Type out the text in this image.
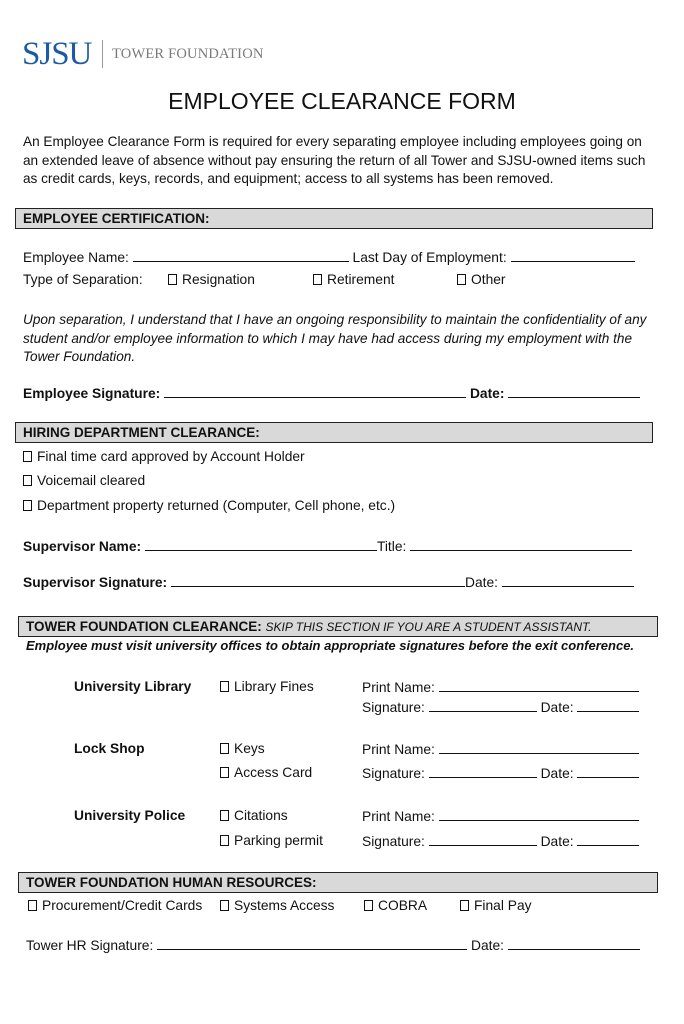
SJSU TOWER FOUNDATION
EMPLOYEE CLEARANCE FORM
An Employee Clearance Form is required for every separating employee including employees going on an extended leave of absence without pay ensuring the return of all Tower and SJSU-owned items such as credit cards, keys, records, and equipment; access to all systems has been removed.
EMPLOYEE CERTIFICATION:
Employee Name:	Last Day of Employment:
Type of Separation:	Resignation	Retirement	Other
Upon separation, I understand that I have an ongoing responsibility to maintain the confidentiality of any student and/or employee information to which I may have had access during my employment with the Tower Foundation.
Employee Signature:	Date:
HIRING DEPARTMENT CLEARANCE:
Final time card approved by Account Holder
Voicemail cleared
Department property returned (Computer, Cell phone, etc.)
Supervisor Name:	Title:
Supervisor Signature:	Date:
TOWER FOUNDATION CLEARANCE: SKIP THIS SECTION IF YOU ARE A STUDENT ASSISTANT.
Employee must visit university offices to obtain appropriate signatures before the exit conference.
University Library	Library Fines	Print Name:
Signature:	Date:
Lock Shop	Keys
Access Card
Print Name:
Signature:	Date:
University Police	Citations
Parking permit
Print Name:
Signature:	Date:
TOWER FOUNDATION HUMAN RESOURCES:
Procurement/Credit Cards	Systems Access	COBRA	Final Pay
Tower HR Signature:	Date:
